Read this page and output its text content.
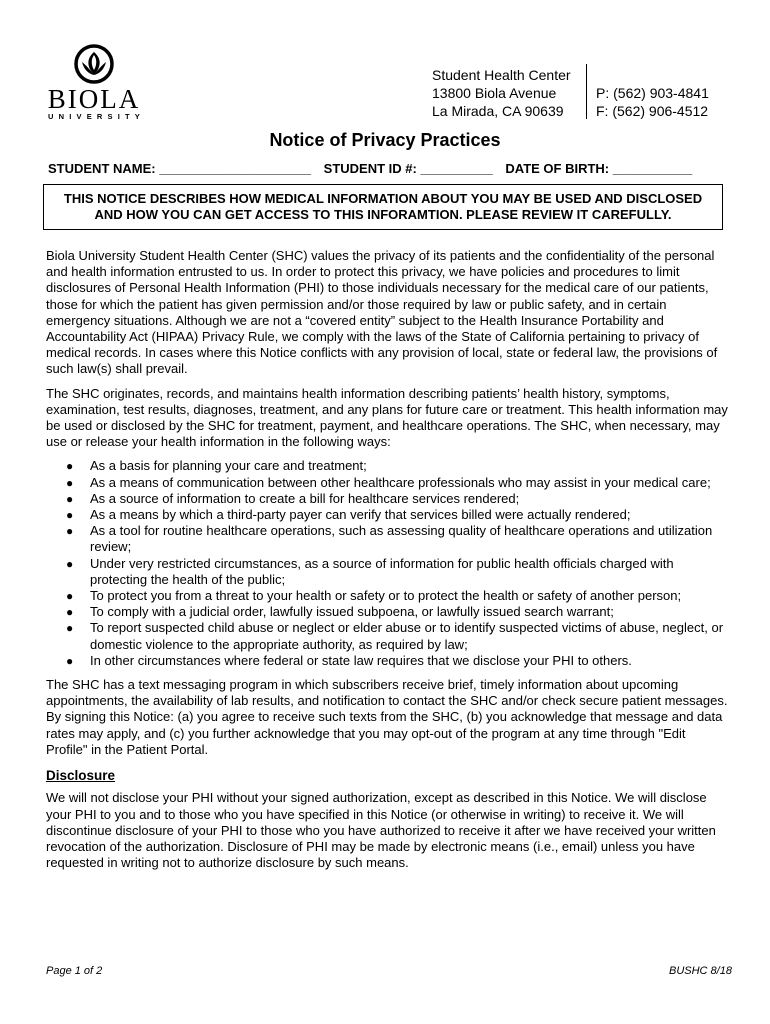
BIOLA
UNIVERSITY
Student Health Center
13800 Biola Avenue
La Mirada, CA 90639
P: (562) 903-4841
F: (562) 906-4512
Notice of Privacy Practices
STUDENT NAME: _____________________ STUDENT ID #: __________ DATE OF BIRTH: ___________
THIS NOTICE DESCRIBES HOW MEDICAL INFORMATION ABOUT YOU MAY BE USED AND DISCLOSED
AND HOW YOU CAN GET ACCESS TO THIS INFORAMTION. PLEASE REVIEW IT CAREFULLY.

Biola University Student Health Center (SHC) values the privacy of its patients and the confidentiality of the personal and health information entrusted to us. In order to protect this privacy, we have policies and procedures to limit disclosures of Personal Health Information (PHI) to those individuals necessary for the medical care of our patients, those for which the patient has given permission and/or those required by law or public safety, and in certain emergency situations. Although we are not a “covered entity” subject to the Health Insurance Portability and Accountability Act (HIPAA) Privacy Rule, we comply with the laws of the State of California pertaining to privacy of medical records. In cases where this Notice conflicts with any provision of local, state or federal law, the provisions of such law(s) shall prevail.

The SHC originates, records, and maintains health information describing patients’ health history, symptoms, examination, test results, diagnoses, treatment, and any plans for future care or treatment. This health information may be used or disclosed by the SHC for treatment, payment, and healthcare operations. The SHC, when necessary, may use or release your health information in the following ways:

● As a basis for planning your care and treatment;
● As a means of communication between other healthcare professionals who may assist in your medical care;
● As a source of information to create a bill for healthcare services rendered;
● As a means by which a third-party payer can verify that services billed were actually rendered;
● As a tool for routine healthcare operations, such as assessing quality of healthcare operations and utilization review;
● Under very restricted circumstances, as a source of information for public health officials charged with protecting the health of the public;
● To protect you from a threat to your health or safety or to protect the health or safety of another person;
● To comply with a judicial order, lawfully issued subpoena, or lawfully issued search warrant;
● To report suspected child abuse or neglect or elder abuse or to identify suspected victims of abuse, neglect, or domestic violence to the appropriate authority, as required by law;
● In other circumstances where federal or state law requires that we disclose your PHI to others.

The SHC has a text messaging program in which subscribers receive brief, timely information about upcoming appointments, the availability of lab results, and notification to contact the SHC and/or check secure patient messages. By signing this Notice: (a) you agree to receive such texts from the SHC, (b) you acknowledge that message and data rates may apply, and (c) you further acknowledge that you may opt-out of the program at any time through "Edit Profile" in the Patient Portal.

Disclosure

We will not disclose your PHI without your signed authorization, except as described in this Notice. We will disclose your PHI to you and to those who you have specified in this Notice (or otherwise in writing) to receive it. We will discontinue disclosure of your PHI to those who you have authorized to receive it after we have received your written revocation of the authorization. Disclosure of PHI may be made by electronic means (i.e., email) unless you have requested in writing not to authorize disclosure by such means.

Page 1 of 2	BUSHC 8/18
